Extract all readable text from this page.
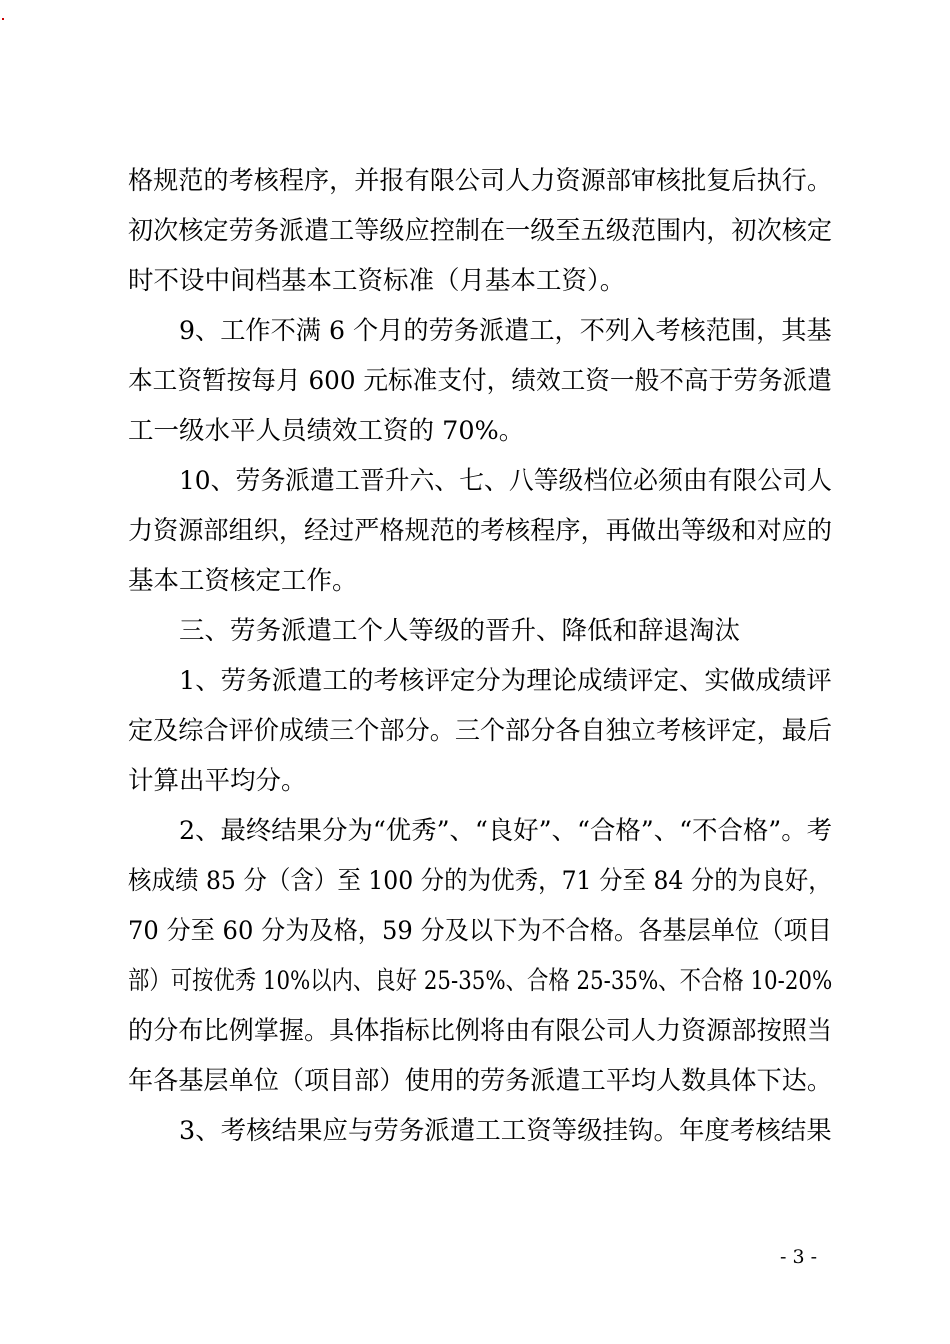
格规范的考核程序，并报有限公司人力资源部审核批复后执行。
初次核定劳务派遣工等级应控制在一级至五级范围内，初次核定
时不设中间档基本工资标准（月基本工资）。
9、工作不满 6 个月的劳务派遣工，不列入考核范围，其基
本工资暂按每月 600 元标准支付，绩效工资一般不高于劳务派遣
工一级水平人员绩效工资的 70%。
10、劳务派遣工晋升六、七、八等级档位必须由有限公司人
力资源部组织，经过严格规范的考核程序，再做出等级和对应的
基本工资核定工作。
三、劳务派遣工个人等级的晋升、降低和辞退淘汰
1、劳务派遣工的考核评定分为理论成绩评定、实做成绩评
定及综合评价成绩三个部分。三个部分各自独立考核评定，最后
计算出平均分。
2、最终结果分为“优秀”、“良好”、“合格”、“不合格”。考
核成绩 85 分（含）至 100 分的为优秀，71 分至 84 分的为良好，
70 分至 60 分为及格，59 分及以下为不合格。各基层单位（项目
部）可按优秀 10%以内、良好 25-35%、合格 25-35%、不合格 10-20%
的分布比例掌握。具体指标比例将由有限公司人力资源部按照当
年各基层单位（项目部）使用的劳务派遣工平均人数具体下达。
3、考核结果应与劳务派遣工工资等级挂钩。年度考核结果
- 3 -
